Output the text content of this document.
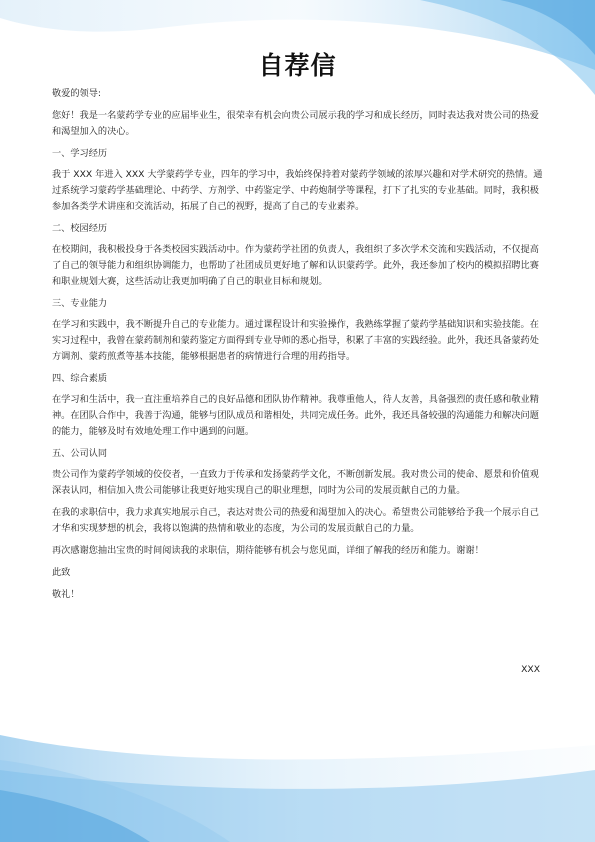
自荐信

敬爱的领导:

您好！我是一名蒙药学专业的应届毕业生，很荣幸有机会向贵公司展示我的学习和成长经历，同时表达我对贵公司的热爱和渴望加入的决心。

一、学习经历

我于 XXX 年进入 XXX 大学蒙药学专业，四年的学习中，我始终保持着对蒙药学领域的浓厚兴趣和对学术研究的热情。通过系统学习蒙药学基础理论、中药学、方剂学、中药鉴定学、中药炮制学等课程，打下了扎实的专业基础。同时，我积极参加各类学术讲座和交流活动，拓展了自己的视野，提高了自己的专业素养。

二、校园经历

在校期间，我积极投身于各类校园实践活动中。作为蒙药学社团的负责人，我组织了多次学术交流和实践活动，不仅提高了自己的领导能力和组织协调能力，也帮助了社团成员更好地了解和认识蒙药学。此外，我还参加了校内的模拟招聘比赛和职业规划大赛，这些活动让我更加明确了自己的职业目标和规划。

三、专业能力

在学习和实践中，我不断提升自己的专业能力。通过课程设计和实验操作，我熟练掌握了蒙药学基础知识和实验技能。在实习过程中，我曾在蒙药制剂和蒙药鉴定方面得到专业导师的悉心指导，积累了丰富的实践经验。此外，我还具备蒙药处方调剂、蒙药煎煮等基本技能，能够根据患者的病情进行合理的用药指导。

四、综合素质

在学习和生活中，我一直注重培养自己的良好品德和团队协作精神。我尊重他人，待人友善，具备强烈的责任感和敬业精神。在团队合作中，我善于沟通，能够与团队成员和谐相处，共同完成任务。此外，我还具备较强的沟通能力和解决问题的能力，能够及时有效地处理工作中遇到的问题。

五、公司认同

贵公司作为蒙药学领域的佼佼者，一直致力于传承和发扬蒙药学文化，不断创新发展。我对贵公司的使命、愿景和价值观深表认同，相信加入贵公司能够让我更好地实现自己的职业理想，同时为公司的发展贡献自己的力量。

在我的求职信中，我力求真实地展示自己，表达对贵公司的热爱和渴望加入的决心。希望贵公司能够给予我一个展示自己才华和实现梦想的机会，我将以饱满的热情和敬业的态度，为公司的发展贡献自己的力量。

再次感谢您抽出宝贵的时间阅读我的求职信，期待能够有机会与您见面，详细了解我的经历和能力。谢谢！

此致

敬礼！

XXX
